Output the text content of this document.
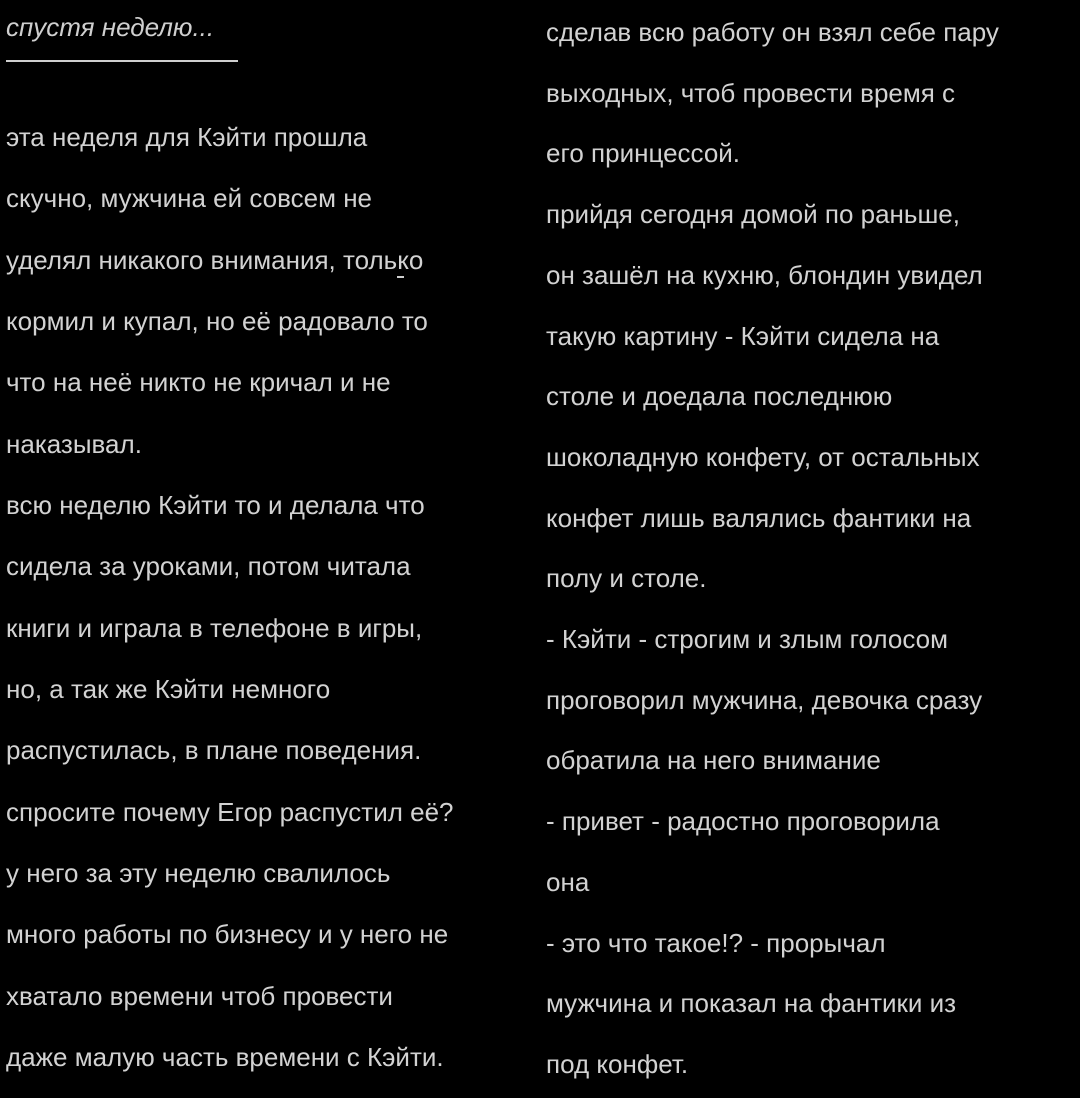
спустя неделю...
эта неделя для Кэйти прошла
скучно, мужчина ей совсем не
уделял никакого внимания, только
кормил и купал, но её радовало то
что на неё никто не кричал и не
наказывал.
всю неделю Кэйти то и делала что
сидела за уроками, потом читала
книги и играла в телефоне в игры,
но, а так же Кэйти немного
распустилась, в плане поведения.
спросите почему Егор распустил её?
у него за эту неделю свалилось
много работы по бизнесу и у него не
хватало времени чтоб провести
даже малую часть времени с Кэйти.
сделав всю работу он взял себе пару
выходных, чтоб провести время с
его принцессой.
прийдя сегодня домой по раньше,
он зашёл на кухню, блондин увидел
такую картину - Кэйти сидела на
столе и доедала последнюю
шоколадную конфету, от остальных
конфет лишь валялись фантики на
полу и столе.
- Кэйти - строгим и злым голосом
проговорил мужчина, девочка сразу
обратила на него внимание
- привет - радостно проговорила
она
- это что такое!? - прорычал
мужчина и показал на фантики из
под конфет.
